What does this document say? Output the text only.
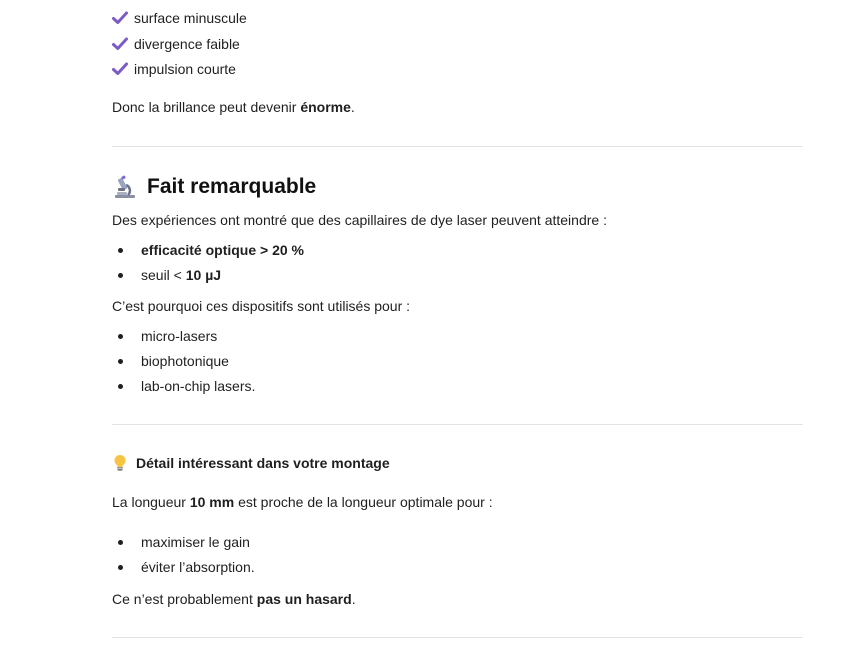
surface minuscule
divergence faible
impulsion courte
Donc la brillance peut devenir énorme.
Fait remarquable
Des expériences ont montré que des capillaires de dye laser peuvent atteindre :
efficacité optique > 20 %
seuil < 10 µJ
C’est pourquoi ces dispositifs sont utilisés pour :
micro-lasers
biophotonique
lab-on-chip lasers.
Détail intéressant dans votre montage
La longueur 10 mm est proche de la longueur optimale pour :
maximiser le gain
éviter l’absorption.
Ce n’est probablement pas un hasard.
